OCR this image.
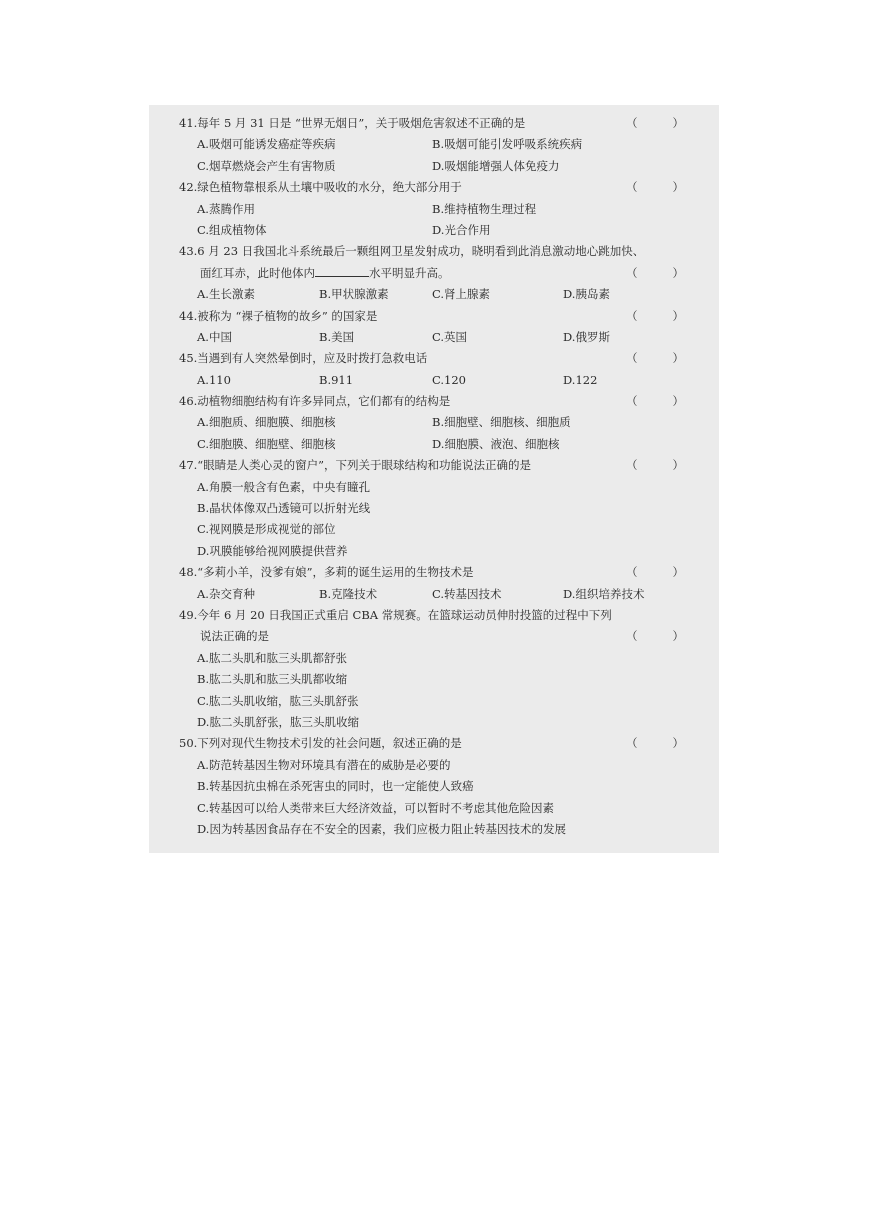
41.每年 5 月 31 日是 “世界无烟日”，关于吸烟危害叙述不正确的是	（	）
A.吸烟可能诱发癌症等疾病	B.吸烟可能引发呼吸系统疾病
C.烟草燃烧会产生有害物质	D.吸烟能增强人体免疫力
42.绿色植物靠根系从土壤中吸收的水分，绝大部分用于	（	）
A.蒸腾作用	B.维持植物生理过程
C.组成植物体	D.光合作用
43.6 月 23 日我国北斗系统最后一颗组网卫星发射成功，晓明看到此消息激动地心跳加快、
面红耳赤，此时他体内	水平明显升高。	（	）
A.生长激素	B.甲状腺激素	C.肾上腺素	D.胰岛素
44.被称为 “裸子植物的故乡” 的国家是	（	）
A.中国	B.美国	C.英国	D.俄罗斯
45.当遇到有人突然晕倒时，应及时拨打急救电话	（	）
A.110	B.911	C.120	D.122
46.动植物细胞结构有许多异同点，它们都有的结构是	（	）
A.细胞质、细胞膜、细胞核	B.细胞壁、细胞核、细胞质
C.细胞膜、细胞壁、细胞核	D.细胞膜、液泡、细胞核
47.“眼睛是人类心灵的窗户”，下列关于眼球结构和功能说法正确的是	（	）
A.角膜一般含有色素，中央有瞳孔
B.晶状体像双凸透镜可以折射光线
C.视网膜是形成视觉的部位
D.巩膜能够给视网膜提供营养
48.“多莉小羊，没爹有娘”，多莉的诞生运用的生物技术是	（	）
A.杂交育种	B.克隆技术	C.转基因技术	D.组织培养技术
49.今年 6 月 20 日我国正式重启 CBA 常规赛。在篮球运动员伸肘投篮的过程中下列
说法正确的是	（	）
A.肱二头肌和肱三头肌都舒张
B.肱二头肌和肱三头肌都收缩
C.肱二头肌收缩，肱三头肌舒张
D.肱二头肌舒张，肱三头肌收缩
50.下列对现代生物技术引发的社会问题，叙述正确的是	（	）
A.防范转基因生物对环境具有潜在的威胁是必要的
B.转基因抗虫棉在杀死害虫的同时，也一定能使人致癌
C.转基因可以给人类带来巨大经济效益，可以暂时不考虑其他危险因素
D.因为转基因食品存在不安全的因素，我们应极力阻止转基因技术的发展
